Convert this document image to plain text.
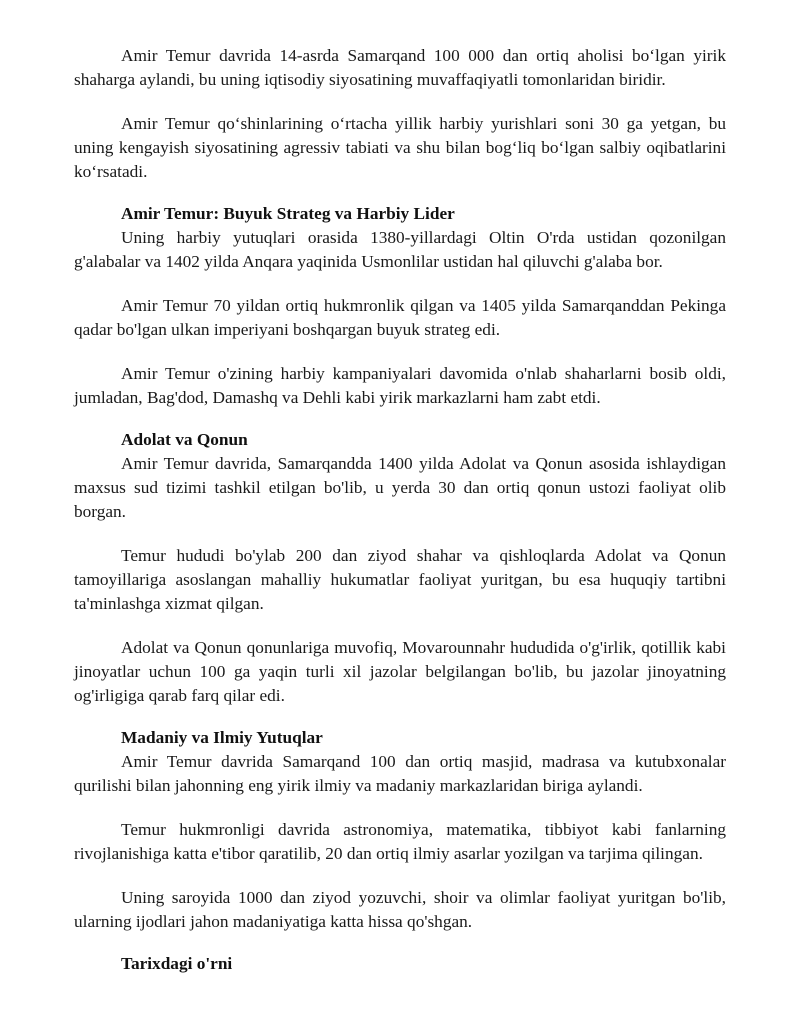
Amir Temur davrida 14-asrda Samarqand 100 000 dan ortiq aholisi boʻlgan yirik shaharga aylandi, bu uning iqtisodiy siyosatining muvaffaqiyatli tomonlaridan biridir.

Amir Temur qoʻshinlarining oʻrtacha yillik harbiy yurishlari soni 30 ga yetgan, bu uning kengayish siyosatining agressiv tabiati va shu bilan bogʻliq boʻlgan salbiy oqibatlarini koʻrsatadi.

Amir Temur: Buyuk Strateg va Harbiy Lider

Uning harbiy yutuqlari orasida 1380-yillardagi Oltin O'rda ustidan qozonilgan g'alabalar va 1402 yilda Anqara yaqinida Usmonlilar ustidan hal qiluvchi g'alaba bor.

Amir Temur 70 yildan ortiq hukmronlik qilgan va 1405 yilda Samarqanddan Pekinga qadar bo'lgan ulkan imperiyani boshqargan buyuk strateg edi.

Amir Temur o'zining harbiy kampaniyalari davomida o'nlab shaharlarni bosib oldi, jumladan, Bag'dod, Damashq va Dehli kabi yirik markazlarni ham zabt etdi.

Adolat va Qonun

Amir Temur davrida, Samarqandda 1400 yilda Adolat va Qonun asosida ishlaydigan maxsus sud tizimi tashkil etilgan bo'lib, u yerda 30 dan ortiq qonun ustozi faoliyat olib borgan.

Temur hududi bo'ylab 200 dan ziyod shahar va qishloqlarda Adolat va Qonun tamoyillariga asoslangan mahalliy hukumatlar faoliyat yuritgan, bu esa huquqiy tartibni ta'minlashga xizmat qilgan.

Adolat va Qonun qonunlariga muvofiq, Movarounnahr hududida o'g'irlik, qotillik kabi jinoyatlar uchun 100 ga yaqin turli xil jazolar belgilangan bo'lib, bu jazolar jinoyatning og'irligiga qarab farq qilar edi.

Madaniy va Ilmiy Yutuqlar

Amir Temur davrida Samarqand 100 dan ortiq masjid, madrasa va kutubxonalar qurilishi bilan jahonning eng yirik ilmiy va madaniy markazlaridan biriga aylandi.

Temur hukmronligi davrida astronomiya, matematika, tibbiyot kabi fanlarning rivojlanishiga katta e'tibor qaratilib, 20 dan ortiq ilmiy asarlar yozilgan va tarjima qilingan.

Uning saroyida 1000 dan ziyod yozuvchi, shoir va olimlar faoliyat yuritgan bo'lib, ularning ijodlari jahon madaniyatiga katta hissa qo'shgan.

Tarixdagi o'rni
